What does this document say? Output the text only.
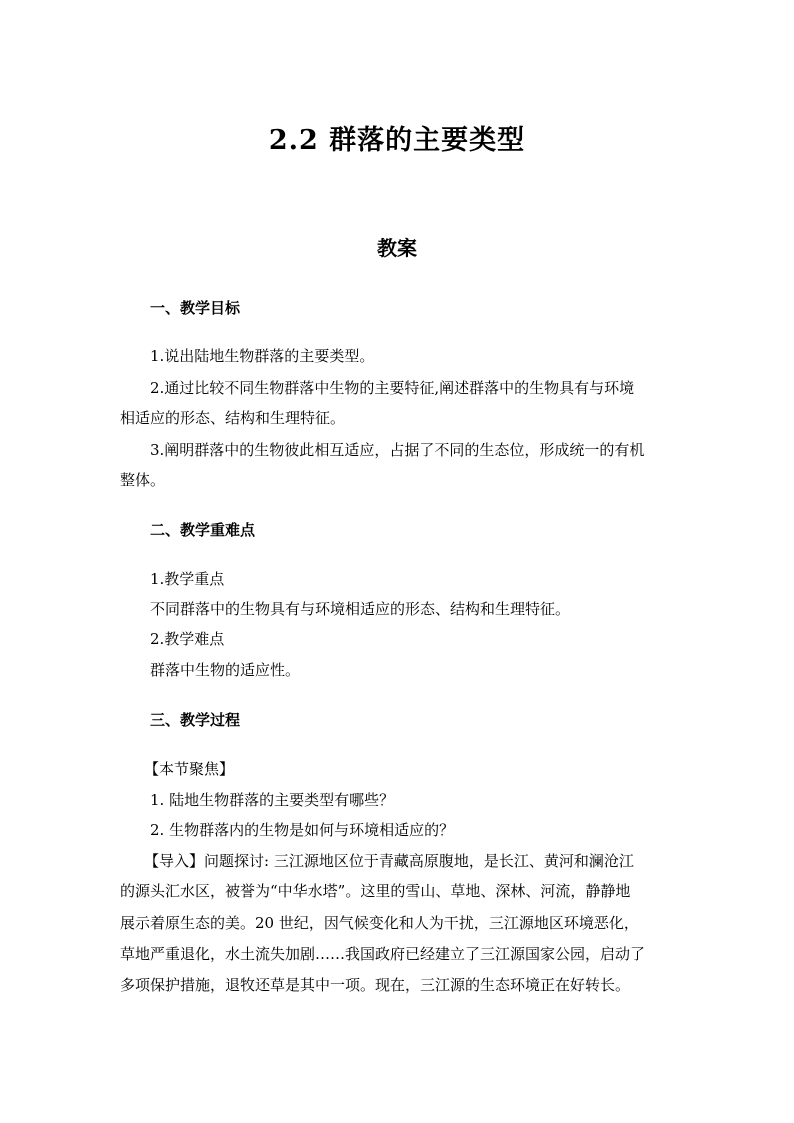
2.2 群落的主要类型
教案
一、教学目标
1.说出陆地生物群落的主要类型。
2.通过比较不同生物群落中生物的主要特征,阐述群落中的生物具有与环境
相适应的形态、结构和生理特征。
3.阐明群落中的生物彼此相互适应，占据了不同的生态位，形成统一的有机
整体。
二、教学重难点
1.教学重点
不同群落中的生物具有与环境相适应的形态、结构和生理特征。
2.教学难点
群落中生物的适应性。
三、教学过程
【本节聚焦】
1. 陆地生物群落的主要类型有哪些？
2. 生物群落内的生物是如何与环境相适应的？
【导入】问题探讨: 三江源地区位于青藏高原腹地，是长江、黄河和澜沧江
的源头汇水区，被誉为“中华水塔”。这里的雪山、草地、深林、河流，静静地
展示着原生态的美。20 世纪，因气候变化和人为干扰，三江源地区环境恶化，
草地严重退化，水土流失加剧……我国政府已经建立了三江源国家公园，启动了
多项保护措施，退牧还草是其中一项。现在，三江源的生态环境正在好转长。
